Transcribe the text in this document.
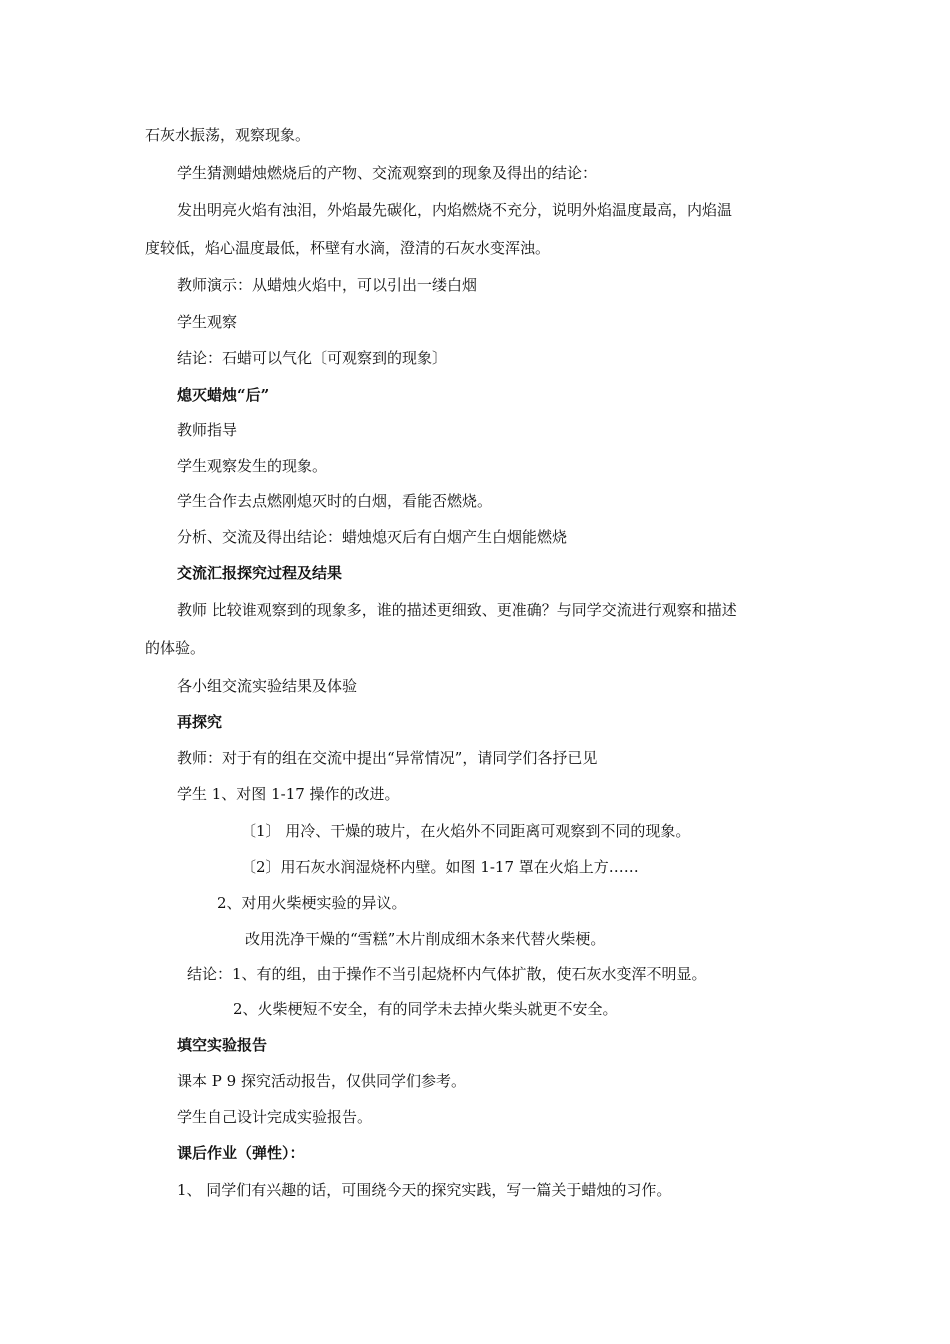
石灰水振荡，观察现象。
学生猜测蜡烛燃烧后的产物、交流观察到的现象及得出的结论：
发出明亮火焰有浊泪，外焰最先碳化，内焰燃烧不充分，说明外焰温度最高，内焰温
度较低，焰心温度最低，杯壁有水滴，澄清的石灰水变浑浊。
教师演示：从蜡烛火焰中，可以引出一缕白烟
学生观察
结论：石蜡可以气化〔可观察到的现象〕
熄灭蜡烛“后”
教师指导
学生观察发生的现象。
学生合作去点燃刚熄灭时的白烟，看能否燃烧。
分析、交流及得出结论：蜡烛熄灭后有白烟产生白烟能燃烧
交流汇报探究过程及结果
教师 比较谁观察到的现象多，谁的描述更细致、更准确？与同学交流进行观察和描述
的体验。
各小组交流实验结果及体验
再探究
教师：对于有的组在交流中提出“异常情况”，请同学们各抒已见
学生 1、对图 1-17 操作的改进。
〔1〕 用冷、干燥的玻片，在火焰外不同距离可观察到不同的现象。
〔2〕用石灰水润湿烧杯内壁。如图 1-17 罩在火焰上方……
2、对用火柴梗实验的异议。
改用洗净干燥的“雪糕”木片削成细木条来代替火柴梗。
结论：1、有的组，由于操作不当引起烧杯内气体扩散，使石灰水变浑不明显。
2、火柴梗短不安全，有的同学未去掉火柴头就更不安全。
填空实验报告
课本 P 9 探究活动报告，仅供同学们参考。
学生自己设计完成实验报告。
课后作业（弹性）：
1、 同学们有兴趣的话，可围绕今天的探究实践，写一篇关于蜡烛的习作。
